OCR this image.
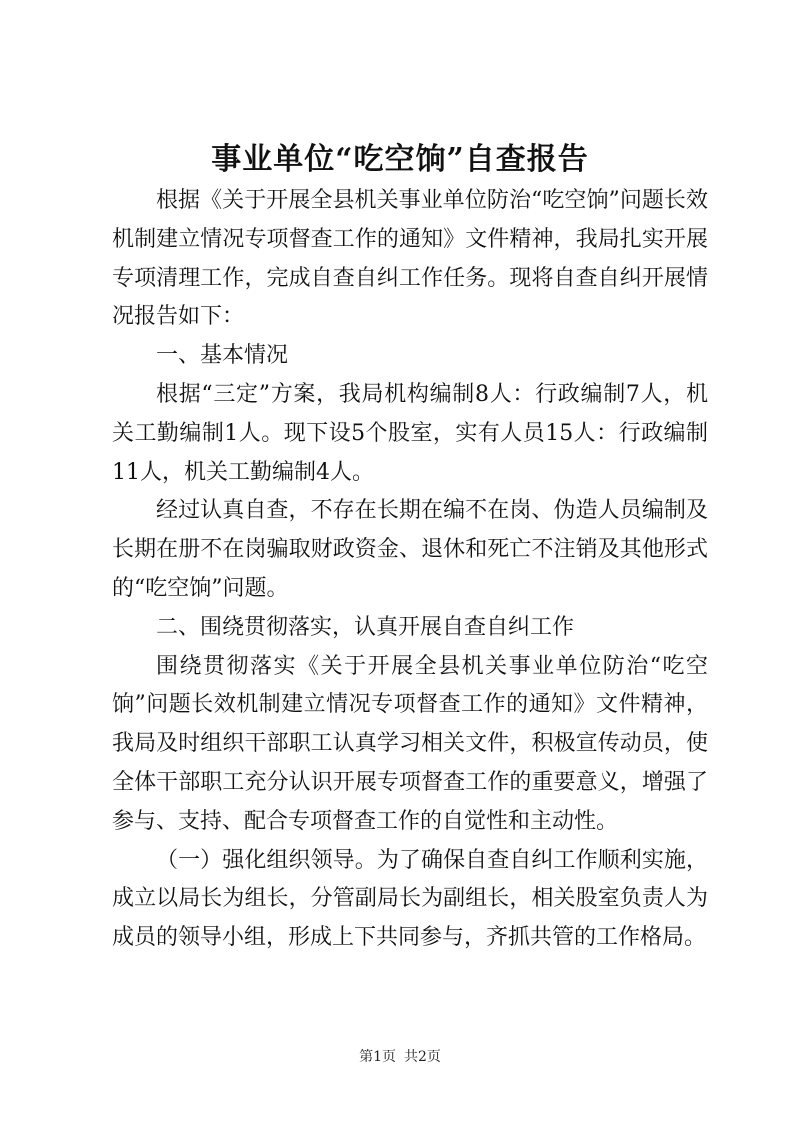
事业单位“吃空饷”自查报告

根据《关于开展全县机关事业单位防治“吃空饷”问题长效机制建立情况专项督查工作的通知》文件精神，我局扎实开展专项清理工作，完成自查自纠工作任务。现将自查自纠开展情况报告如下：

一、基本情况

根据“三定”方案，我局机构编制8人：行政编制7人，机关工勤编制1人。现下设5个股室，实有人员15人：行政编制11人，机关工勤编制4人。

经过认真自查，不存在长期在编不在岗、伪造人员编制及长期在册不在岗骗取财政资金、退休和死亡不注销及其他形式的“吃空饷”问题。

二、围绕贯彻落实，认真开展自查自纠工作

围绕贯彻落实《关于开展全县机关事业单位防治“吃空饷”问题长效机制建立情况专项督查工作的通知》文件精神，我局及时组织干部职工认真学习相关文件，积极宣传动员，使全体干部职工充分认识开展专项督查工作的重要意义，增强了参与、支持、配合专项督查工作的自觉性和主动性。

（一）强化组织领导。为了确保自查自纠工作顺利实施，成立以局长为组长，分管副局长为副组长，相关股室负责人为成员的领导小组，形成上下共同参与，齐抓共管的工作格局。

第1页 共2页
